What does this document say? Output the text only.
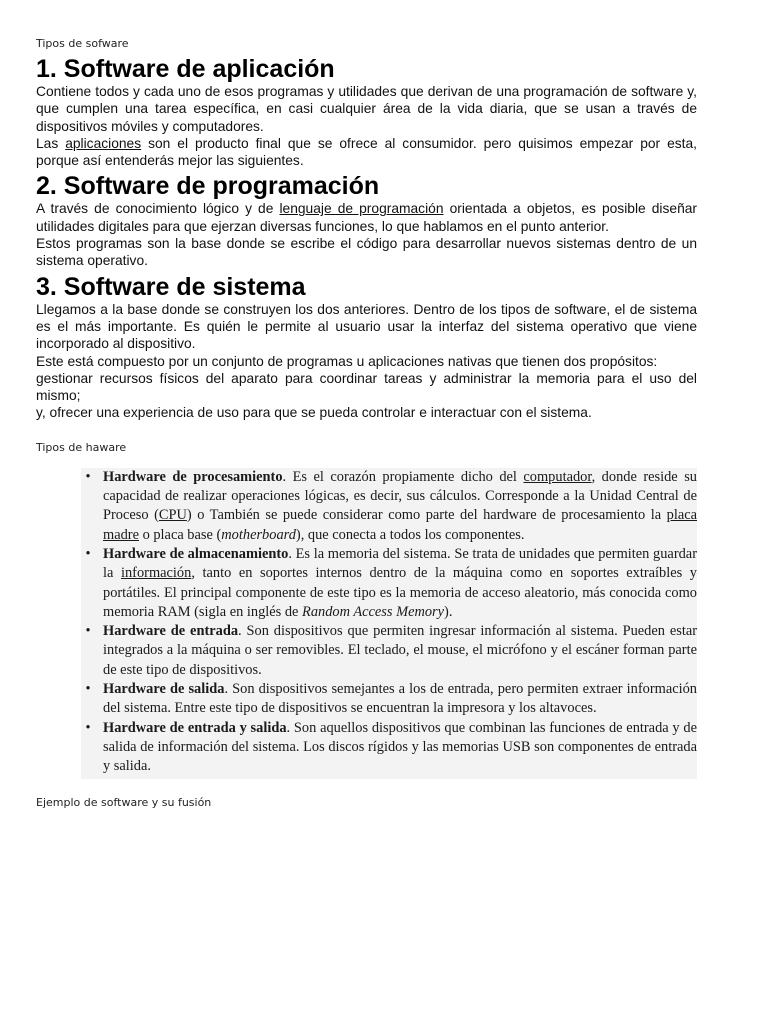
Tipos de sofware
1. Software de aplicación

Contiene todos y cada uno de esos programas y utilidades que derivan de una programación de software y, que cumplen una tarea específica, en casi cualquier área de la vida diaria, que se usan a través de dispositivos móviles y computadores.

Las aplicaciones son el producto final que se ofrece al consumidor. pero quisimos empezar por esta, porque así entenderás mejor las siguientes.

2. Software de programación

A través de conocimiento lógico y de lenguaje de programación orientada a objetos, es posible diseñar utilidades digitales para que ejerzan diversas funciones, lo que hablamos en el punto anterior.

Estos programas son la base donde se escribe el código para desarrollar nuevos sistemas dentro de un sistema operativo.

3. Software de sistema

Llegamos a la base donde se construyen los dos anteriores. Dentro de los tipos de software, el de sistema es el más importante. Es quién le permite al usuario usar la interfaz del sistema operativo que viene incorporado al dispositivo.

Este está compuesto por un conjunto de programas u aplicaciones nativas que tienen dos propósitos:

gestionar recursos físicos del aparato para coordinar tareas y administrar la memoria para el uso del mismo;

y, ofrecer una experiencia de uso para que se pueda controlar e interactuar con el sistema.

Tipos de haware
• Hardware de procesamiento. Es el corazón propiamente dicho del computador, donde reside su capacidad de realizar operaciones lógicas, es decir, sus cálculos. Corresponde a la Unidad Central de Proceso (CPU) o También se puede considerar como parte del hardware de procesamiento la placa madre o placa base (motherboard), que conecta a todos los componentes.
• Hardware de almacenamiento. Es la memoria del sistema. Se trata de unidades que permiten guardar la información, tanto en soportes internos dentro de la máquina como en soportes extraíbles y portátiles. El principal componente de este tipo es la memoria de acceso aleatorio, más conocida como memoria RAM (sigla en inglés de Random Access Memory).
• Hardware de entrada. Son dispositivos que permiten ingresar información al sistema. Pueden estar integrados a la máquina o ser removibles. El teclado, el mouse, el micrófono y el escáner forman parte de este tipo de dispositivos.
• Hardware de salida. Son dispositivos semejantes a los de entrada, pero permiten extraer información del sistema. Entre este tipo de dispositivos se encuentran la impresora y los altavoces.
• Hardware de entrada y salida. Son aquellos dispositivos que combinan las funciones de entrada y de salida de información del sistema. Los discos rígidos y las memorias USB son componentes de entrada y salida.
Ejemplo de software y su fusión
